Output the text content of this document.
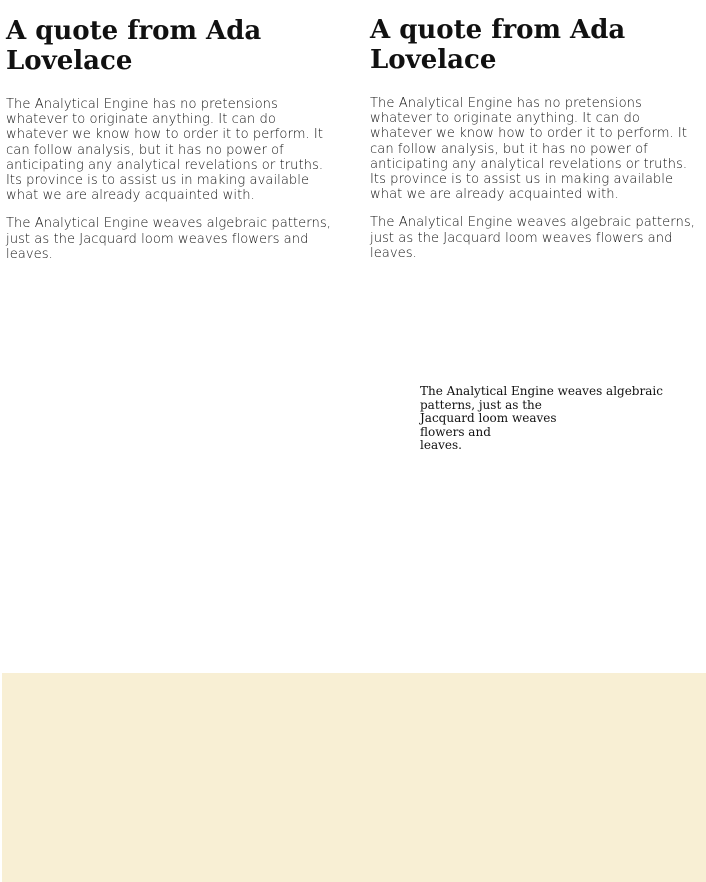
A quote from Ada Lovelace

The Analytical Engine has no pretensions whatever to originate anything. It can do whatever we know how to order it to perform. It can follow analysis, but it has no power of anticipating any analytical revelations or truths. Its province is to assist us in making available what we are already acquainted with.

The Analytical Engine weaves algebraic patterns, just as the Jacquard loom weaves flowers and leaves.

A quote from Ada Lovelace

The Analytical Engine has no pretensions whatever to originate anything. It can do whatever we know how to order it to perform. It can follow analysis, but it has no power of anticipating any analytical revelations or truths. Its province is to assist us in making available what we are already acquainted with.

The Analytical Engine weaves algebraic patterns, just as the Jacquard loom weaves flowers and leaves.

The Analytical Engine weaves algebraic
patterns, just as the
Jacquard loom weaves
flowers and
leaves.
